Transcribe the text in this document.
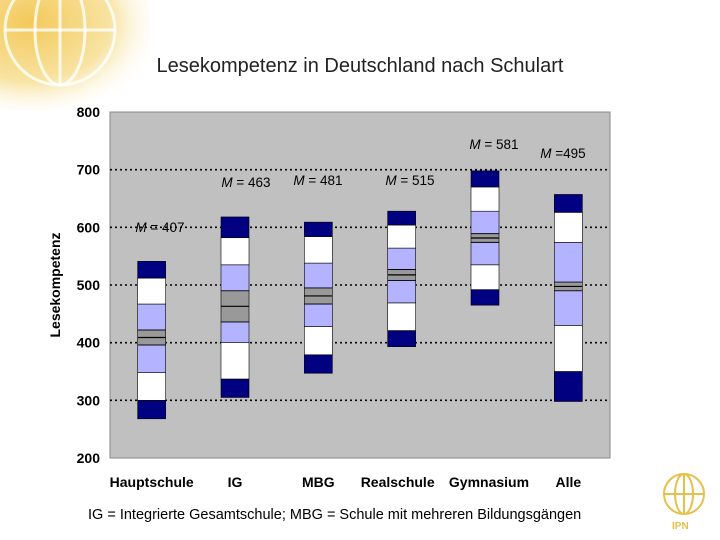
Lesekompetenz in Deutschland nach Schulart
200
300
400
500
600
700
800
Hauptschule IG	MBG Realschule Gymnasium Alle
M = 407
M = 463 M = 481	M = 515
M = 581
M =495
Lesekompetenz
IG = Integrierte Gesamtschule; MBG = Schule mit mehreren Bildungsgängen
IPN
